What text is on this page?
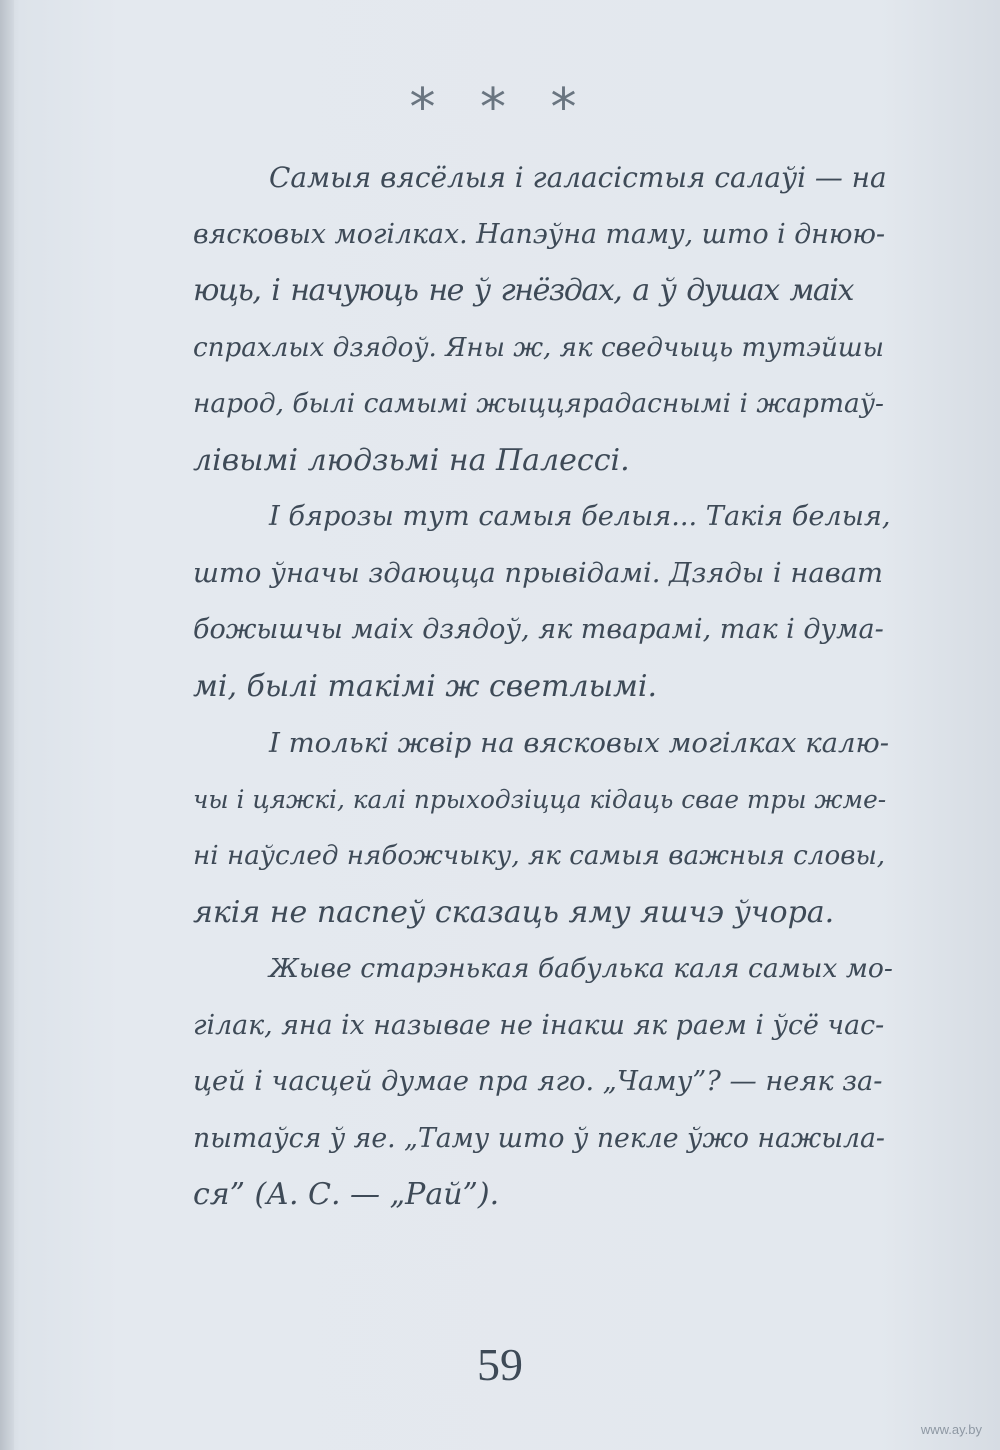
* * *
Самыя вясёлыя і галасістыя салаўі — на
вясковых могілках. Напэўна таму, што і днюю-
юць, і начуюць не ў гнёздах, а ў душах маіх
спрахлых дзядоў. Яны ж, як сведчыць тутэйшы
народ, былі самымі жыццярадаснымі і жартаў-
лівымі людзьмі на Палессі.
І бярозы тут самыя белыя... Такія белыя,
што ўначы здаюцца прывідамі. Дзяды і нават
божышчы маіх дзядоў, як тварамі, так і дума-
мі, былі такімі ж светлымі.
І толькі жвір на вясковых могілках калю-
чы і цяжкі, калі прыходзіцца кідаць свае тры жме-
ні наўслед нябожчыку, як самыя важныя словы,
якія не паспеў сказаць яму яшчэ ўчора.
Жыве старэнькая бабулька каля самых мо-
гілак, яна іх называе не інакш як раем і ўсё час-
цей і часцей думае пра яго. „Чаму”? — неяк за-
пытаўся ў яе. „Таму што ў пекле ўжо нажыла-
ся” (А. С. — „Рай”).
59
www.ay.by
